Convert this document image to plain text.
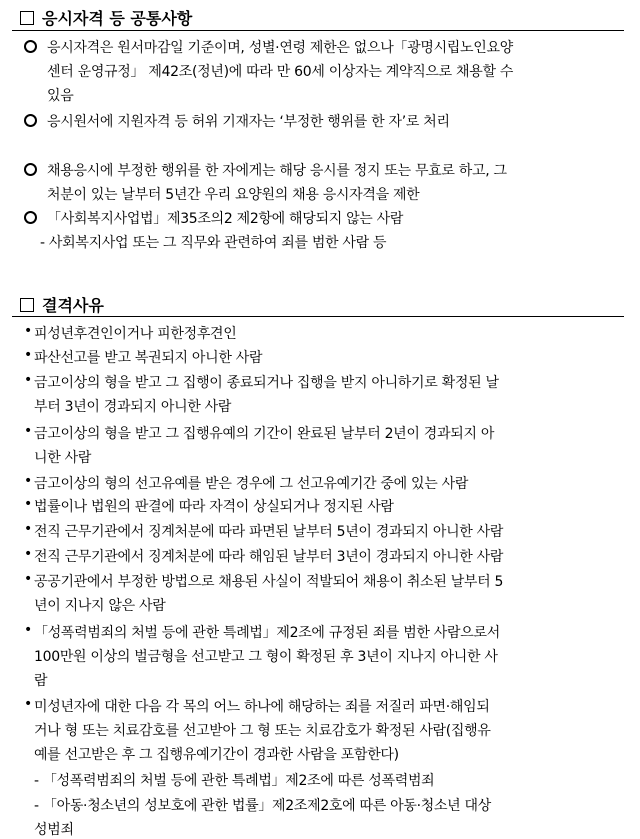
응시자격 등 공통사항
응시자격은 원서마감일 기준이며, 성별·연령 제한은 없으나「광명시립노인요양
센터 운영규정」 제42조(정년)에 따라 만 60세 이상자는 계약직으로 채용할 수
있음
응시원서에 지원자격 등 허위 기재자는 ‘부정한 행위를 한 자’로 처리
채용응시에 부정한 행위를 한 자에게는 해당 응시를 정지 또는 무효로 하고, 그
처분이 있는 날부터 5년간 우리 요양원의 채용 응시자격을 제한
「사회복지사업법」제35조의2 제2항에 해당되지 않는 사람
- 사회복지사업 또는 그 직무와 관련하여 죄를 범한 사람 등
결격사유
• 피성년후견인이거나 피한정후견인
• 파산선고를 받고 복권되지 아니한 사람
• 금고이상의 형을 받고 그 집행이 종료되거나 집행을 받지 아니하기로 확정된 날
부터 3년이 경과되지 아니한 사람
• 금고이상의 형을 받고 그 집행유예의 기간이 완료된 날부터 2년이 경과되지 아
니한 사람
• 금고이상의 형의 선고유예를 받은 경우에 그 선고유예기간 중에 있는 사람
• 법률이나 법원의 판결에 따라 자격이 상실되거나 정지된 사람
• 전직 근무기관에서 징계처분에 따라 파면된 날부터 5년이 경과되지 아니한 사람
• 전직 근무기관에서 징계처분에 따라 해임된 날부터 3년이 경과되지 아니한 사람
• 공공기관에서 부정한 방법으로 채용된 사실이 적발되어 채용이 취소된 날부터 5
년이 지나지 않은 사람
• 「성폭력범죄의 처벌 등에 관한 특례법」제2조에 규정된 죄를 범한 사람으로서
100만원 이상의 벌금형을 선고받고 그 형이 확정된 후 3년이 지나지 아니한 사
람
• 미성년자에 대한 다음 각 목의 어느 하나에 해당하는 죄를 저질러 파면·해임되
거나 형 또는 치료감호를 선고받아 그 형 또는 치료감호가 확정된 사람(집행유
예를 선고받은 후 그 집행유예기간이 경과한 사람을 포함한다)
- 「성폭력범죄의 처벌 등에 관한 특례법」제2조에 따른 성폭력범죄
- 「아동·청소년의 성보호에 관한 법률」제2조제2호에 따른 아동·청소년 대상
성범죄
